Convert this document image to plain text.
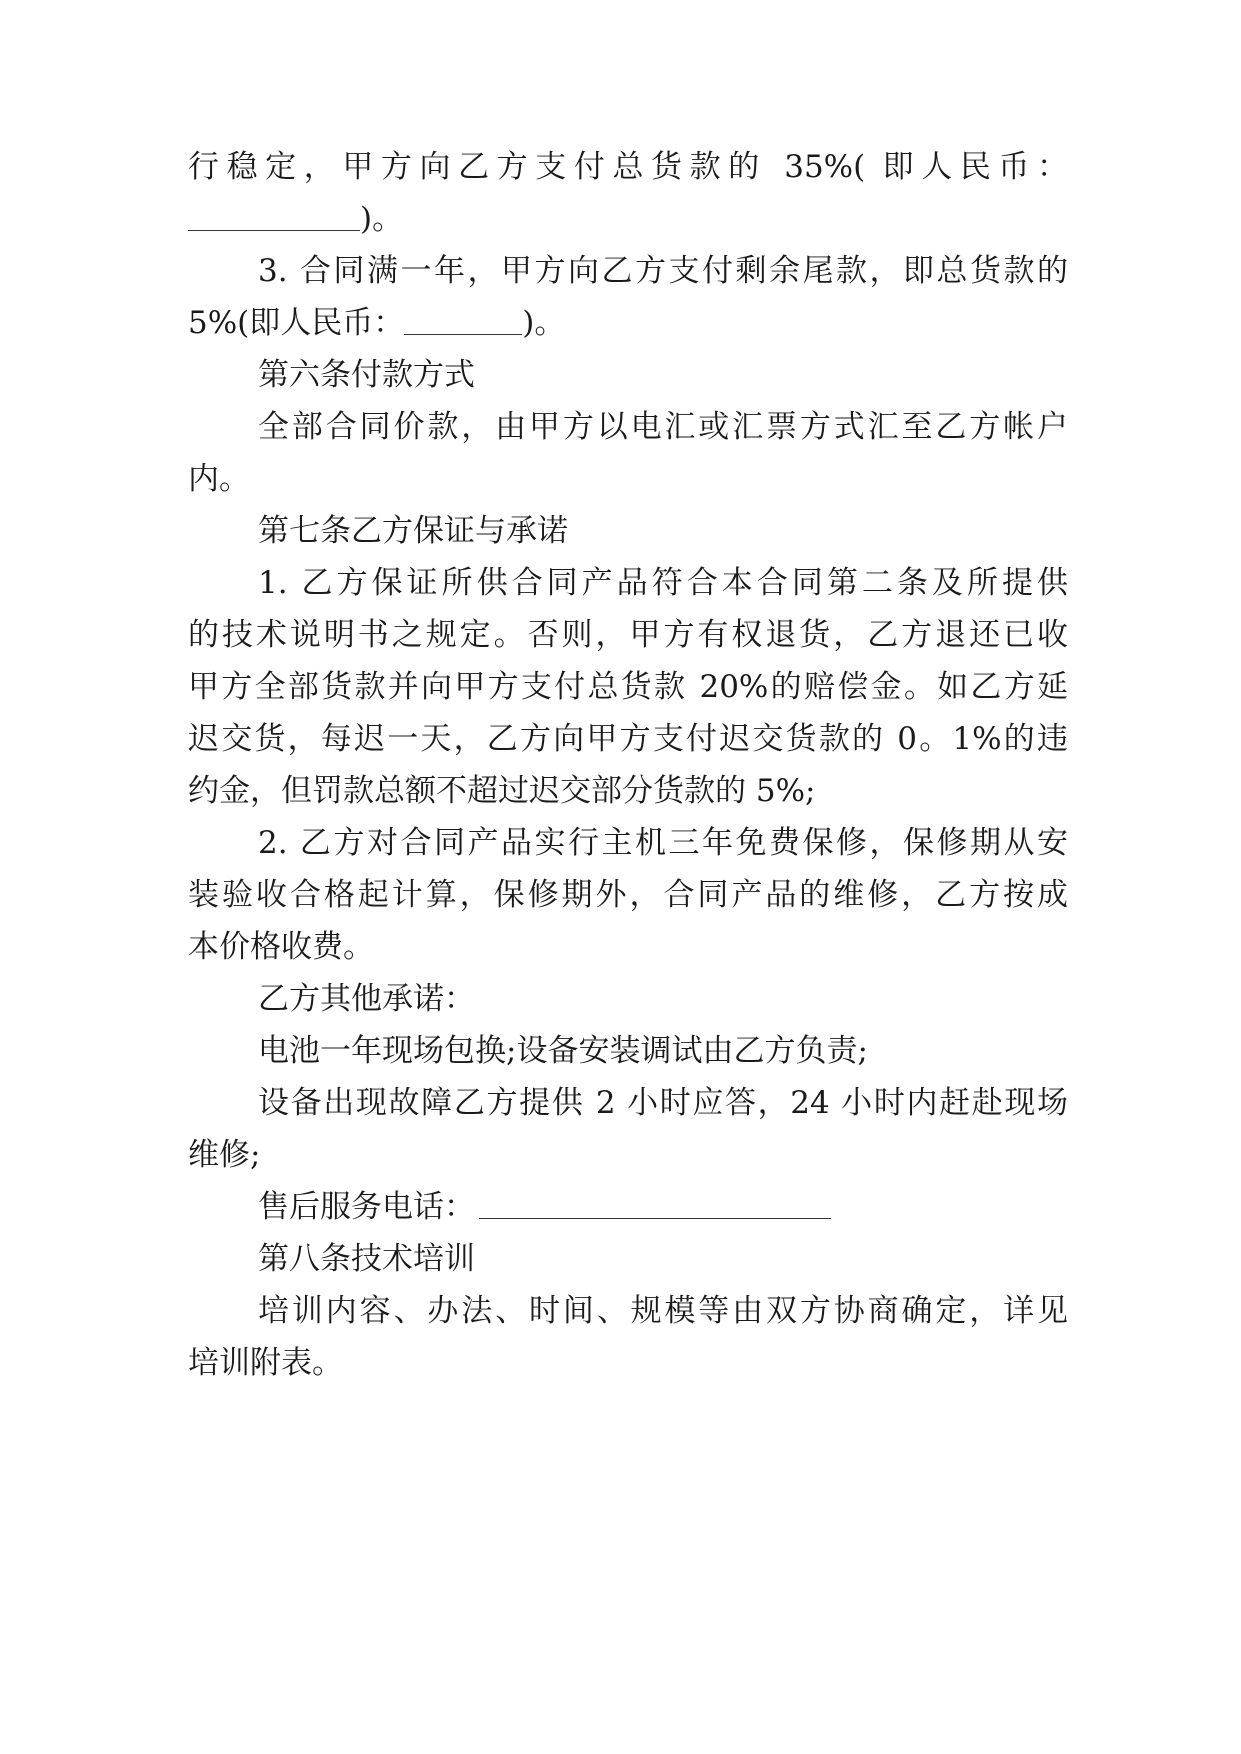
行稳定，甲方向乙方支付总货款的 35%( 即人民币：
)。
3. 合同满一年，甲方向乙方支付剩余尾款，即总货款的
5%(即人民币：	)。
第六条付款方式
全部合同价款，由甲方以电汇或汇票方式汇至乙方帐户
内。
第七条乙方保证与承诺
1. 乙方保证所供合同产品符合本合同第二条及所提供
的技术说明书之规定。否则，甲方有权退货，乙方退还已收
甲方全部货款并向甲方支付总货款 20%的赔偿金。如乙方延
迟交货，每迟一天，乙方向甲方支付迟交货款的 0。1%的违
约金，但罚款总额不超过迟交部分货款的 5%;
2. 乙方对合同产品实行主机三年免费保修，保修期从安
装验收合格起计算，保修期外，合同产品的维修，乙方按成
本价格收费。
乙方其他承诺：
电池一年现场包换;设备安装调试由乙方负责;
设备出现故障乙方提供 2 小时应答，24 小时内赶赴现场
维修;
售后服务电话：
第八条技术培训
培训内容、办法、时间、规模等由双方协商确定，详见
培训附表。
